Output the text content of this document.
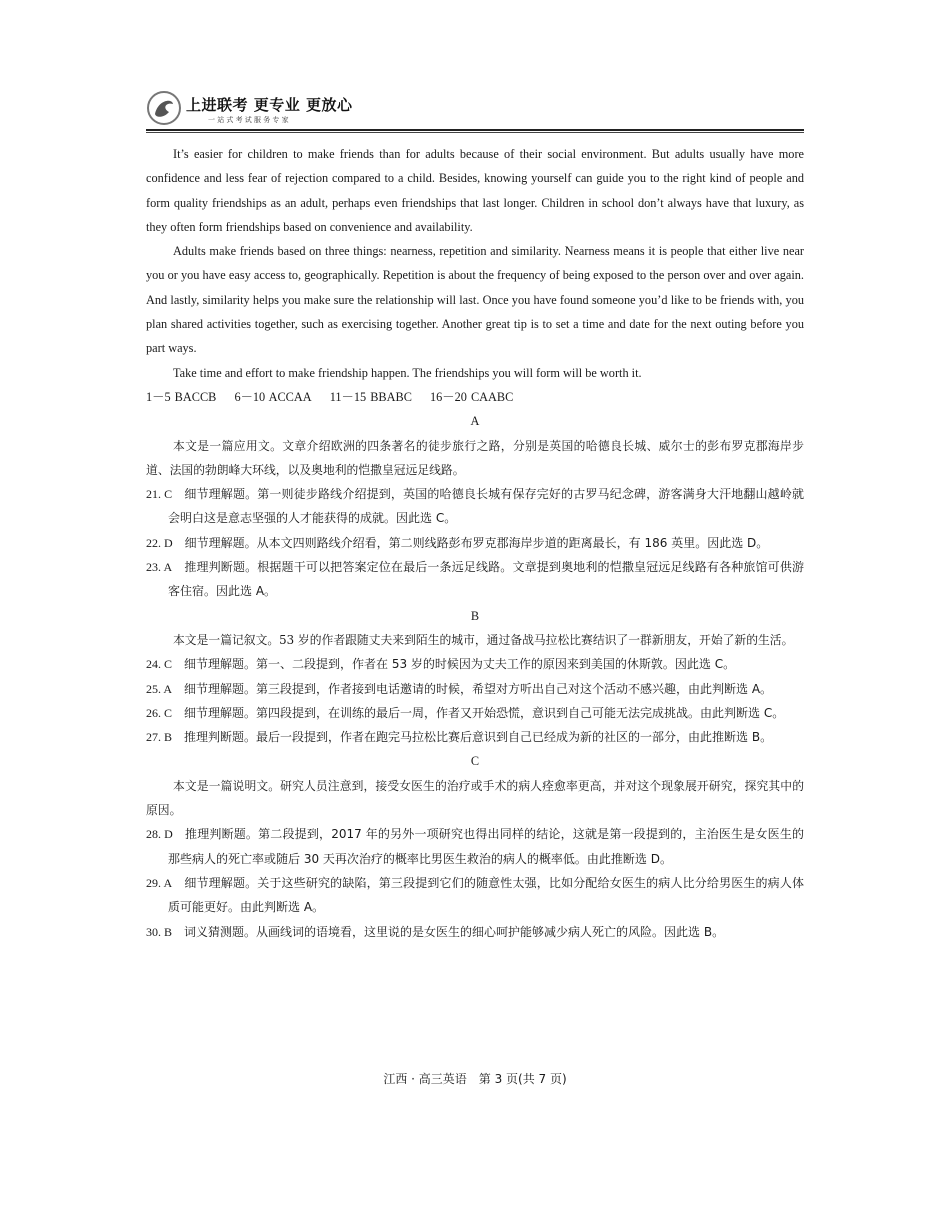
上进联考 更专业 更放心
一站式考试服务专家

It’s easier for children to make friends than for adults because of their social environment. But adults usually have more confidence and less fear of rejection compared to a child. Besides, knowing yourself can guide you to the right kind of people and form quality friendships as an adult, perhaps even friendships that last longer. Children in school don’t always have that luxury, as they often form friendships based on convenience and availability.

Adults make friends based on three things: nearness, repetition and similarity. Nearness means it is people that either live near you or you have easy access to, geographically. Repetition is about the frequency of being exposed to the person over and over again. And lastly, similarity helps you make sure the relationship will last. Once you have found someone you’d like to be friends with, you plan shared activities together, such as exercising together. Another great tip is to set a time and date for the next outing before you part ways.

Take time and effort to make friendship happen. The friendships you will form will be worth it.

1－5 BACCB 6－10 ACCAA 11－15 BBABC 16－20 CAABC

A

本文是一篇应用文。文章介绍欧洲的四条著名的徒步旅行之路，分别是英国的哈德良长城、威尔士的彭布罗克郡海岸步道、法国的勃朗峰大环线，以及奥地利的恺撒皇冠远足线路。

21. C 细节理解题。第一则徒步路线介绍提到，英国的哈德良长城有保存完好的古罗马纪念碑，游客满身大汗地翻山越岭就会明白这是意志坚强的人才能获得的成就。因此选 C。

22. D 细节理解题。从本文四则路线介绍看，第二则线路彭布罗克郡海岸步道的距离最长，有 186 英里。因此选 D。

23. A 推理判断题。根据题干可以把答案定位在最后一条远足线路。文章提到奥地利的恺撒皇冠远足线路有各种旅馆可供游客住宿。因此选 A。

B

本文是一篇记叙文。53 岁的作者跟随丈夫来到陌生的城市，通过备战马拉松比赛结识了一群新朋友，开始了新的生活。

24. C 细节理解题。第一、二段提到，作者在 53 岁的时候因为丈夫工作的原因来到美国的休斯敦。因此选 C。

25. A 细节理解题。第三段提到，作者接到电话邀请的时候，希望对方听出自己对这个活动不感兴趣，由此判断选 A。

26. C 细节理解题。第四段提到，在训练的最后一周，作者又开始恐慌，意识到自己可能无法完成挑战。由此判断选 C。

27. B 推理判断题。最后一段提到，作者在跑完马拉松比赛后意识到自己已经成为新的社区的一部分，由此推断选 B。

C

本文是一篇说明文。研究人员注意到，接受女医生的治疗或手术的病人痊愈率更高，并对这个现象展开研究，探究其中的原因。

28. D 推理判断题。第二段提到，2017 年的另外一项研究也得出同样的结论，这就是第一段提到的，主治医生是女医生的那些病人的死亡率或随后 30 天再次治疗的概率比男医生救治的病人的概率低。由此推断选 D。

29. A 细节理解题。关于这些研究的缺陷，第三段提到它们的随意性太强，比如分配给女医生的病人比分给男医生的病人体质可能更好。由此判断选 A。

30. B 词义猜测题。从画线词的语境看，这里说的是女医生的细心呵护能够减少病人死亡的风险。因此选 B。

江西 · 高三英语　第 3 页(共 7 页)
